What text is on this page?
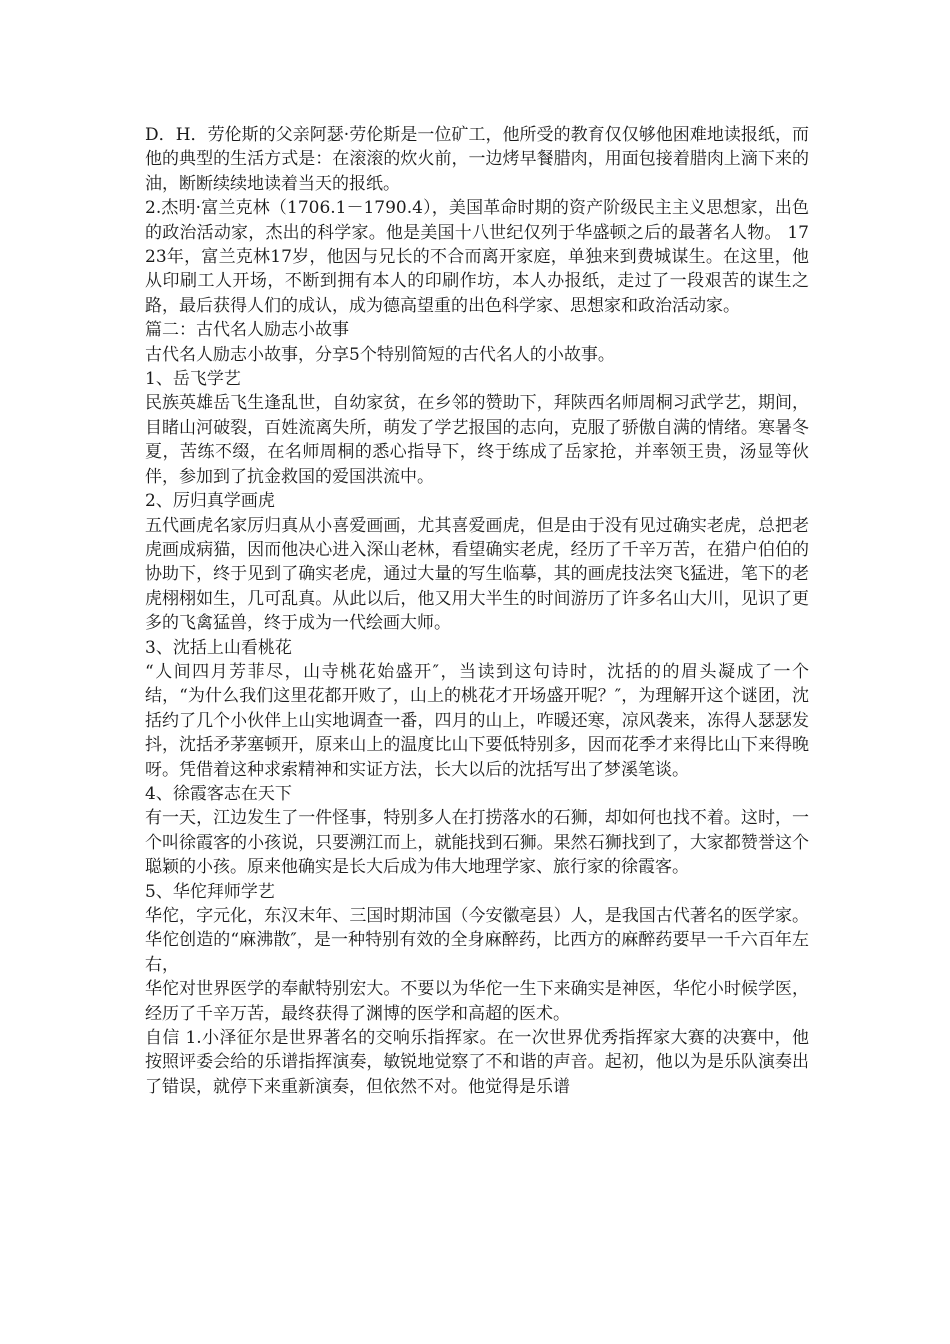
D．H．劳伦斯的父亲阿瑟·劳伦斯是一位矿工，他所受的教育仅仅够他困难地读报纸，而他的典型的生活方式是：在滚滚的炊火前，一边烤早餐腊肉，用面包接着腊肉上滴下来的油，断断续续地读着当天的报纸。

2.杰明·富兰克林（1706.1－1790.4），美国革命时期的资产阶级民主主义思想家，出色的政治活动家，杰出的科学家。他是美国十八世纪仅列于华盛顿之后的最著名人物。 1723年，富兰克林17岁，他因与兄长的不合而离开家庭，单独来到费城谋生。在这里，他从印刷工人开场，不断到拥有本人的印刷作坊，本人办报纸，走过了一段艰苦的谋生之路，最后获得人们的成认，成为德高望重的出色科学家、思想家和政治活动家。

篇二：古代名人励志小故事

古代名人励志小故事，分享5个特别简短的古代名人的小故事。

1、岳飞学艺

民族英雄岳飞生逢乱世，自幼家贫，在乡邻的赞助下，拜陕西名师周桐习武学艺，期间，目睹山河破裂，百姓流离失所，萌发了学艺报国的志向，克服了骄傲自满的情绪。寒暑冬夏，苦练不缀，在名师周桐的悉心指导下，终于练成了岳家抢，并率领王贵，汤显等伙伴，参加到了抗金救国的爱国洪流中。

2、厉归真学画虎

五代画虎名家厉归真从小喜爱画画，尤其喜爱画虎，但是由于没有见过确实老虎，总把老虎画成病猫，因而他决心进入深山老林，看望确实老虎，经历了千辛万苦，在猎户伯伯的协助下，终于见到了确实老虎，通过大量的写生临摹，其的画虎技法突飞猛进，笔下的老虎栩栩如生，几可乱真。从此以后，他又用大半生的时间游历了许多名山大川，见识了更多的飞禽猛兽，终于成为一代绘画大师。

3、沈括上山看桃花

“人间四月芳菲尽，山寺桃花始盛开″，当读到这句诗时，沈括的的眉头凝成了一个结，“为什么我们这里花都开败了，山上的桃花才开场盛开呢？″，为理解开这个谜团，沈括约了几个小伙伴上山实地调查一番，四月的山上，咋暖还寒，凉风袭来，冻得人瑟瑟发抖，沈括矛茅塞顿开，原来山上的温度比山下要低特别多，因而花季才来得比山下来得晚呀。凭借着这种求索精神和实证方法，长大以后的沈括写出了梦溪笔谈。

4、徐霞客志在天下

有一天，江边发生了一件怪事，特别多人在打捞落水的石狮，却如何也找不着。这时，一个叫徐霞客的小孩说，只要溯江而上，就能找到石狮。果然石狮找到了，大家都赞誉这个聪颖的小孩。原来他确实是长大后成为伟大地理学家、旅行家的徐霞客。

5、华佗拜师学艺

华佗，字元化，东汉末年、三国时期沛国（今安徽亳县）人，是我国古代著名的医学家。华佗创造的“麻沸散″，是一种特别有效的全身麻醉药，比西方的麻醉药要早一千六百年左右，

华佗对世界医学的奉献特别宏大。不要以为华佗一生下来确实是神医，华佗小时候学医，经历了千辛万苦，最终获得了渊博的医学和高超的医术。

自信 1.小泽征尔是世界著名的交响乐指挥家。在一次世界优秀指挥家大赛的决赛中，他按照评委会给的乐谱指挥演奏，敏锐地觉察了不和谐的声音。起初，他以为是乐队演奏出了错误，就停下来重新演奏，但依然不对。他觉得是乐谱
